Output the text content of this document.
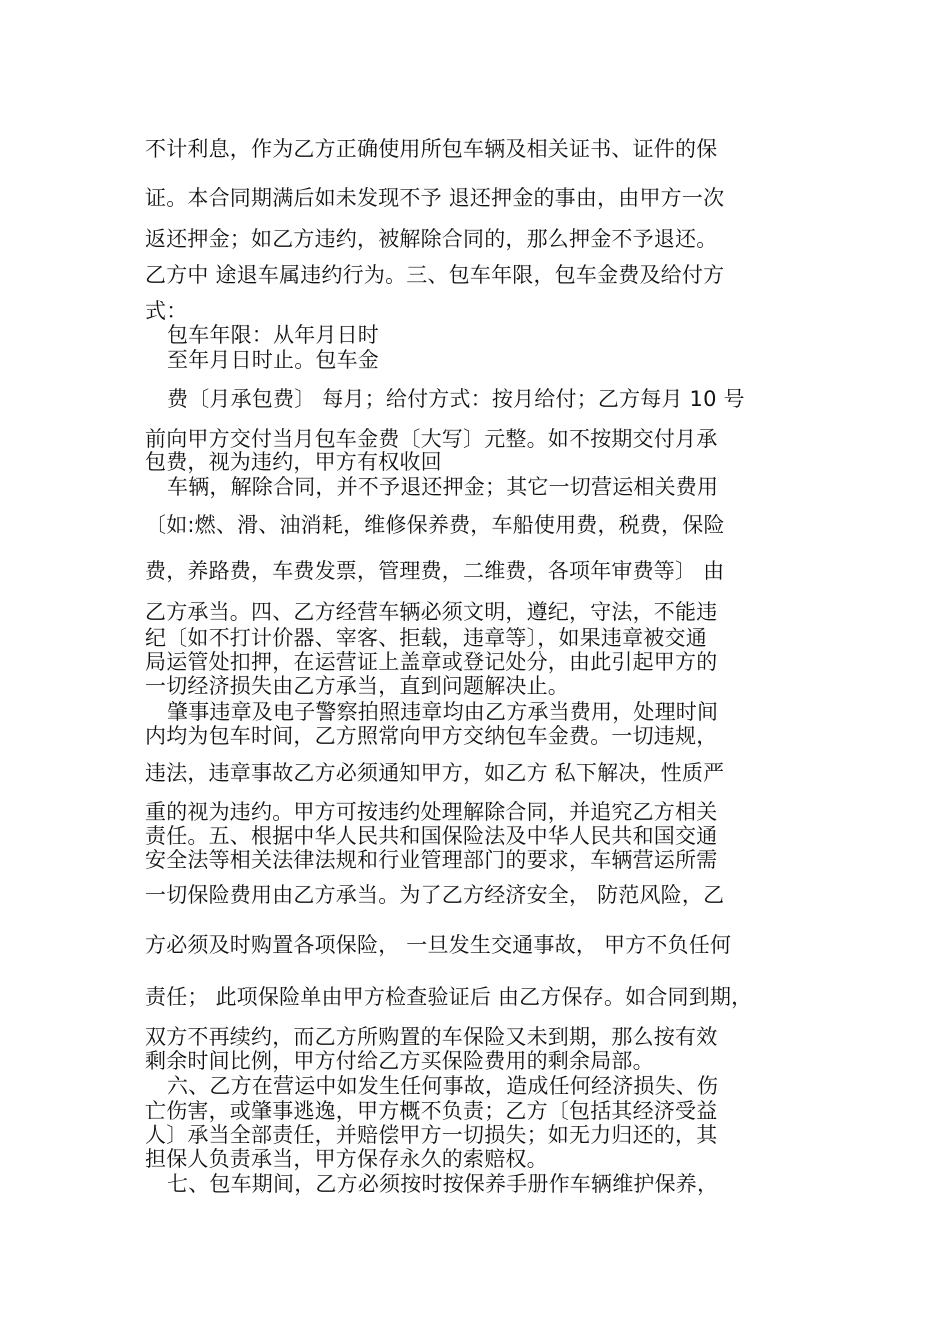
不计利息，作为乙方正确使用所包车辆及相关证书、证件的保
证。本合同期满后如未发现不予 退还押金的事由，由甲方一次
返还押金；如乙方违约，被解除合同的，那么押金不予退还。
乙方中 途退车属违约行为。三、包车年限，包车金费及给付方
式：
包车年限：从年月日时
至年月日时止。包车金
费〔月承包费〕 每月；给付方式：按月给付；乙方每月 10 号
前向甲方交付当月包车金费〔大写〕元整。如不按期交付月承
包费，视为违约，甲方有权收回
车辆，解除合同，并不予退还押金；其它一切营运相关费用
〔如:燃、滑、油消耗，维修保养费，车船使用费，税费，保险
费，养路费，车费发票，管理费，二维费，各项年审费等〕 由
乙方承当。四、乙方经营车辆必须文明，遵纪，守法，不能违
纪〔如不打计价器、宰客、拒载，违章等〕，如果违章被交通
局运管处扣押，在运营证上盖章或登记处分，由此引起甲方的
一切经济损失由乙方承当，直到问题解决止。
肇事违章及电子警察拍照违章均由乙方承当费用，处理时间
内均为包车时间，乙方照常向甲方交纳包车金费。一切违规，
违法，违章事故乙方必须通知甲方，如乙方 私下解决，性质严
重的视为违约。甲方可按违约处理解除合同，并追究乙方相关
责任。五、根据中华人民共和国保险法及中华人民共和国交通
安全法等相关法律法规和行业管理部门的要求，车辆营运所需
一切保险费用由乙方承当。为了乙方经济安全， 防范风险，乙
方必须及时购置各项保险， 一旦发生交通事故， 甲方不负任何
责任； 此项保险单由甲方检查验证后 由乙方保存。如合同到期，
双方不再续约，而乙方所购置的车保险又未到期，那么按有效
剩余时间比例，甲方付给乙方买保险费用的剩余局部。
六、乙方在营运中如发生任何事故，造成任何经济损失、伤
亡伤害，或肇事逃逸，甲方概不负责；乙方〔包括其经济受益
人〕承当全部责任，并赔偿甲方一切损失；如无力归还的，其
担保人负责承当，甲方保存永久的索赔权。
七、包车期间，乙方必须按时按保养手册作车辆维护保养，
